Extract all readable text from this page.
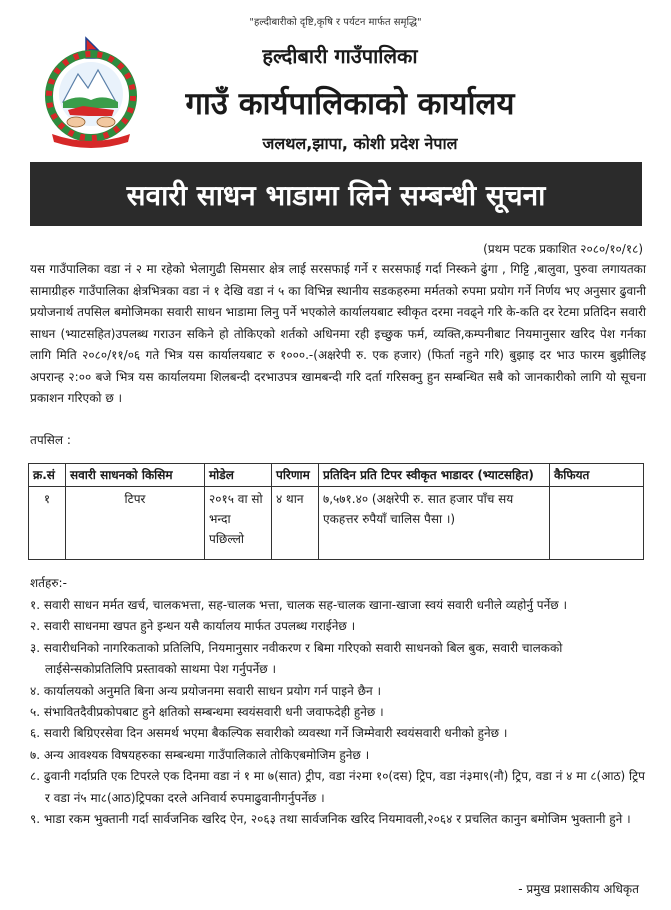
"हल्दीबारीको दृष्टि,कृषि र पर्यटन मार्फत समृद्धि"
हल्दीबारी गाउँपालिका
गाउँ कार्यपालिकाको कार्यालय
जलथल,झापा, कोशी प्रदेश नेपाल
सवारी साधन भाडामा लिने सम्बन्धी सूचना
(प्रथम पटक प्रकाशित २०८०/१०/१८)
यस गाउँपालिका वडा नं २ मा रहेको भेलागुढी सिमसार क्षेत्र लाई सरसफाई गर्ने र सरसफाई गर्दा निस्कने ढुंगा , गिट्टि ,बालुवा, पुरुवा लगायतका सामाग्रीहरु गाउँपालिका क्षेत्रभित्रका वडा नं १ देखि वडा नं ५ का विभिन्न स्थानीय सडकहरुमा मर्मतको रुपमा प्रयोग गर्ने निर्णय भए अनुसार ढुवानी प्रयोजनार्थ तपसिल बमोजिमका सवारी साधन भाडामा लिनु पर्ने भएकोले कार्यालयबाट स्वीकृत दरमा नवढ्ने गरि के-कति दर रेटमा प्रतिदिन सवारी साधन (भ्याटसहित)उपलब्ध गराउन सकिने हो तोकिएको शर्तको अधिनमा रही इच्छुक फर्म, व्यक्ति,कम्पनीबाट नियमानुसार खरिद पेश गर्नका लागि मिति २०८०/११/०६ गते भित्र यस कार्यालयबाट रु १०००.-(अक्षरेपी रु. एक हजार) (फिर्ता नहुने गरि) बुझाइ दर भाउ फारम बुझीलिइ अपरान्ह २:०० बजे भित्र यस कार्यालयमा शिलबन्दी दरभाउपत्र खामबन्दी गरि दर्ता गरिसक्नु हुन सम्बन्धित सबै को जानकारीको लागि यो सूचना प्रकाशन गरिएको छ ।
तपसिल :
क्र.सं	सवारी साधनको किसिम	मोडेल	परिणाम	प्रतिदिन प्रति टिपर स्वीकृत भाडादर (भ्याटसहित)	कैफियत
१	टिपर	२०१५ वा सो भन्दा पछिल्लो	४ थान	७,५७१.४० (अक्षरेपी रु. सात हजार पाँच सय एकहत्तर रुपैयाँ चालिस पैसा ।)	
शर्तहरु:-
१. सवारी साधन मर्मत खर्च, चालकभत्ता, सह-चालक भत्ता, चालक सह-चालक खाना-खाजा स्वयं सवारी धनीले व्यहोर्नु पर्नेछ ।
२. सवारी साधनमा खपत हुने इन्धन यसै कार्यालय मार्फत उपलब्ध गराईनेछ ।
३. सवारीधनिको नागरिकताको प्रतिलिपि, नियमानुसार नवीकरण र बिमा गरिएको सवारी साधनको बिल बुक, सवारी चालकको लाईसेन्सकोप्रतिलिपि प्रस्तावको साथमा पेश गर्नुपर्नेछ ।
४. कार्यालयको अनुमति बिना अन्य प्रयोजनमा सवारी साधन प्रयोग गर्न पाइने छैन ।
५. संभावितदैवीप्रकोपबाट हुने क्षतिको सम्बन्धमा स्वयंसवारी धनी जवाफदेही हुनेछ ।
६. सवारी बिग्रिएरसेवा दिन असमर्थ भएमा बैकल्पिक सवारीको व्यवस्था गर्ने जिम्मेवारी स्वयंसवारी धनीको हुनेछ ।
७. अन्य आवश्यक विषयहरुका सम्बन्धमा गाउँपालिकाले तोकिएबमोजिम हुनेछ ।
८. ढुवानी गर्दाप्रति एक टिपरले एक दिनमा वडा नं १ मा ७(सात) ट्रीप, वडा नं२मा १०(दस) ट्रिप, वडा नं३मा९(नौ) ट्रिप, वडा नं ४ मा ८(आठ) ट्रिप र वडा नं५ मा८(आठ)ट्रिपका दरले अनिवार्य रुपमाढुवानीगर्नुपर्नेछ ।
९. भाडा रकम भुक्तानी गर्दा सार्वजनिक खरिद ऐन, २०६३ तथा सार्वजनिक खरिद नियमावली,२०६४ र प्रचलित कानुन बमोजिम भुक्तानी हुने ।
- प्रमुख प्रशासकीय अधिकृत
